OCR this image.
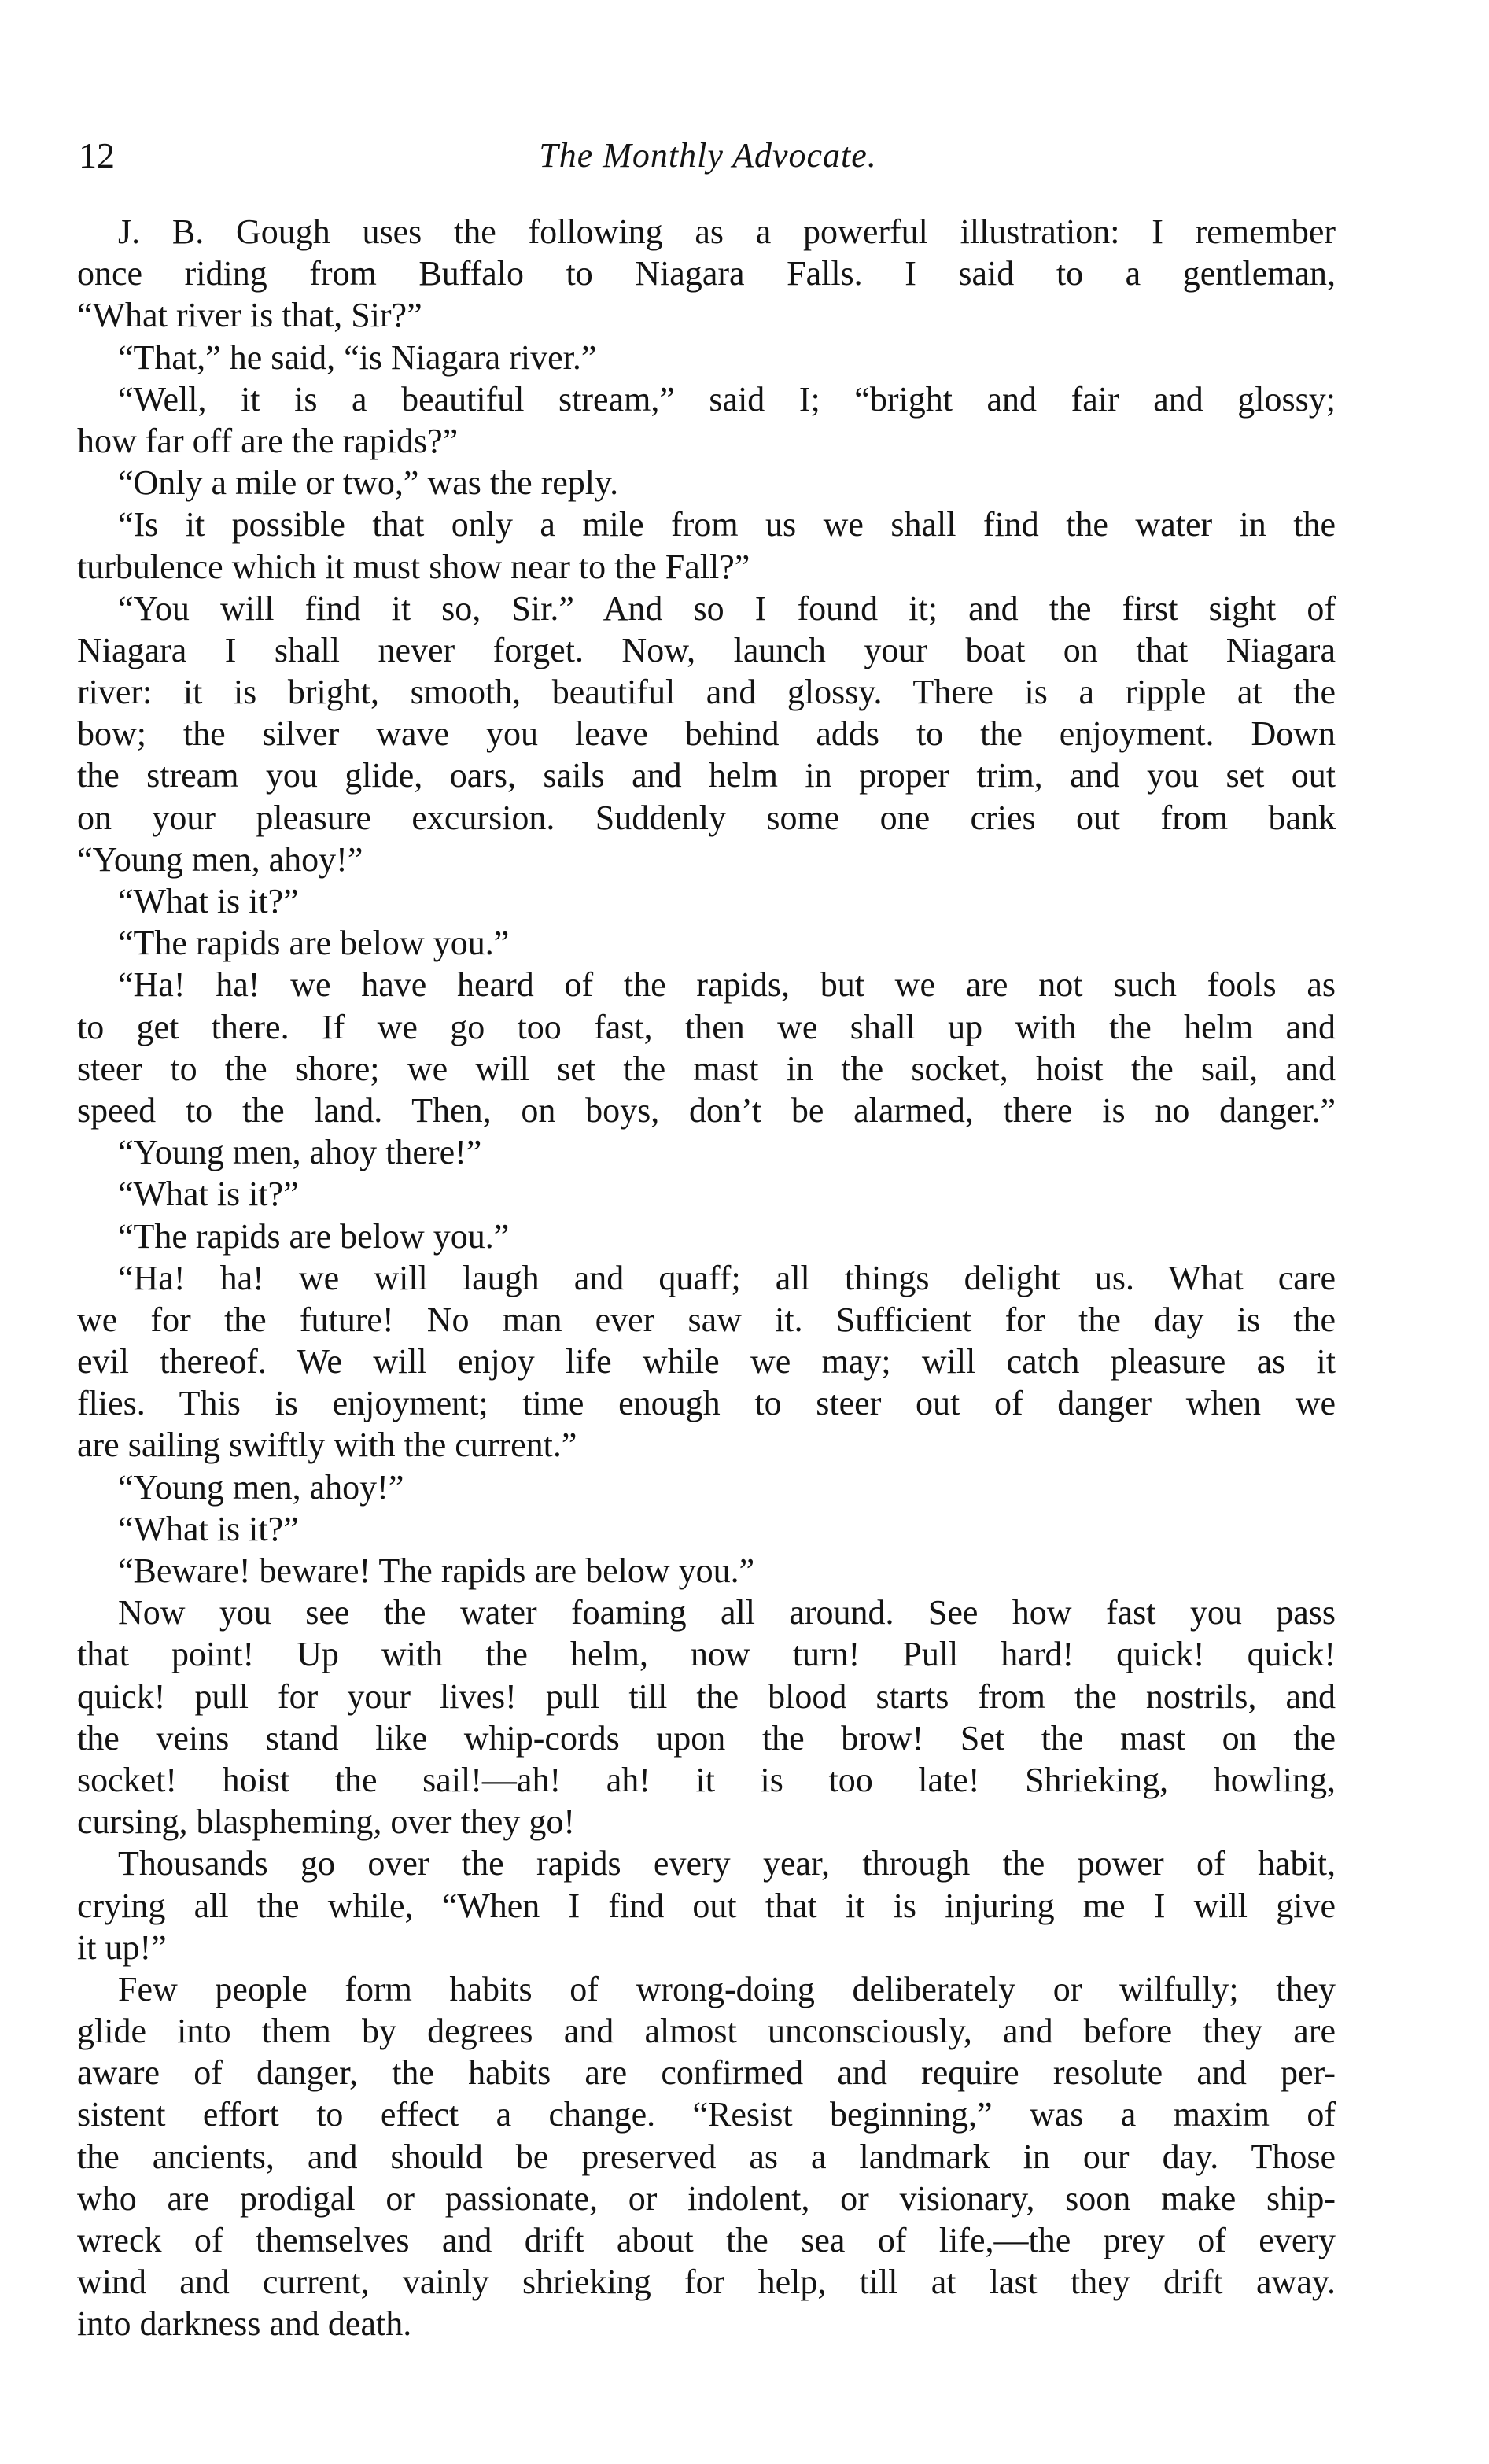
12	The Monthly Advocate.
J. B. Gough uses the following as a powerful illustration: I remember
once riding from Buffalo to Niagara Falls. I said to a gentleman,
“What river is that, Sir?”
“That,” he said, “is Niagara river.”
“Well, it is a beautiful stream,” said I; “bright and fair and glossy;
how far off are the rapids?”
“Only a mile or two,” was the reply.
“Is it possible that only a mile from us we shall find the water in the
turbulence which it must show near to the Fall?”
“You will find it so, Sir.” And so I found it; and the first sight of
Niagara I shall never forget. Now, launch your boat on that Niagara
river: it is bright, smooth, beautiful and glossy. There is a ripple at the
bow; the silver wave you leave behind adds to the enjoyment. Down
the stream you glide, oars, sails and helm in proper trim, and you set out
on your pleasure excursion. Suddenly some one cries out from bank
“Young men, ahoy!”
“What is it?”
“The rapids are below you.”
“Ha! ha! we have heard of the rapids, but we are not such fools as
to get there. If we go too fast, then we shall up with the helm and
steer to the shore; we will set the mast in the socket, hoist the sail, and
speed to the land. Then, on boys, don’t be alarmed, there is no danger.”
“Young men, ahoy there!”
“What is it?”
“The rapids are below you.”
“Ha! ha! we will laugh and quaff; all things delight us. What care
we for the future! No man ever saw it. Sufficient for the day is the
evil thereof. We will enjoy life while we may; will catch pleasure as it
flies. This is enjoyment; time enough to steer out of danger when we
are sailing swiftly with the current.”
“Young men, ahoy!”
“What is it?”
“Beware! beware! The rapids are below you.”
Now you see the water foaming all around. See how fast you pass
that point! Up with the helm, now turn! Pull hard! quick! quick!
quick! pull for your lives! pull till the blood starts from the nostrils, and
the veins stand like whip-cords upon the brow! Set the mast on the
socket! hoist the sail!—ah! ah! it is too late! Shrieking, howling,
cursing, blaspheming, over they go!
Thousands go over the rapids every year, through the power of habit,
crying all the while, “When I find out that it is injuring me I will give
it up!”
Few people form habits of wrong-doing deliberately or wilfully; they
glide into them by degrees and almost unconsciously, and before they are
aware of danger, the habits are confirmed and require resolute and per-
sistent effort to effect a change. “Resist beginning,” was a maxim of
the ancients, and should be preserved as a landmark in our day. Those
who are prodigal or passionate, or indolent, or visionary, soon make ship-
wreck of themselves and drift about the sea of life,—the prey of every
wind and current, vainly shrieking for help, till at last they drift away.
into darkness and death.
